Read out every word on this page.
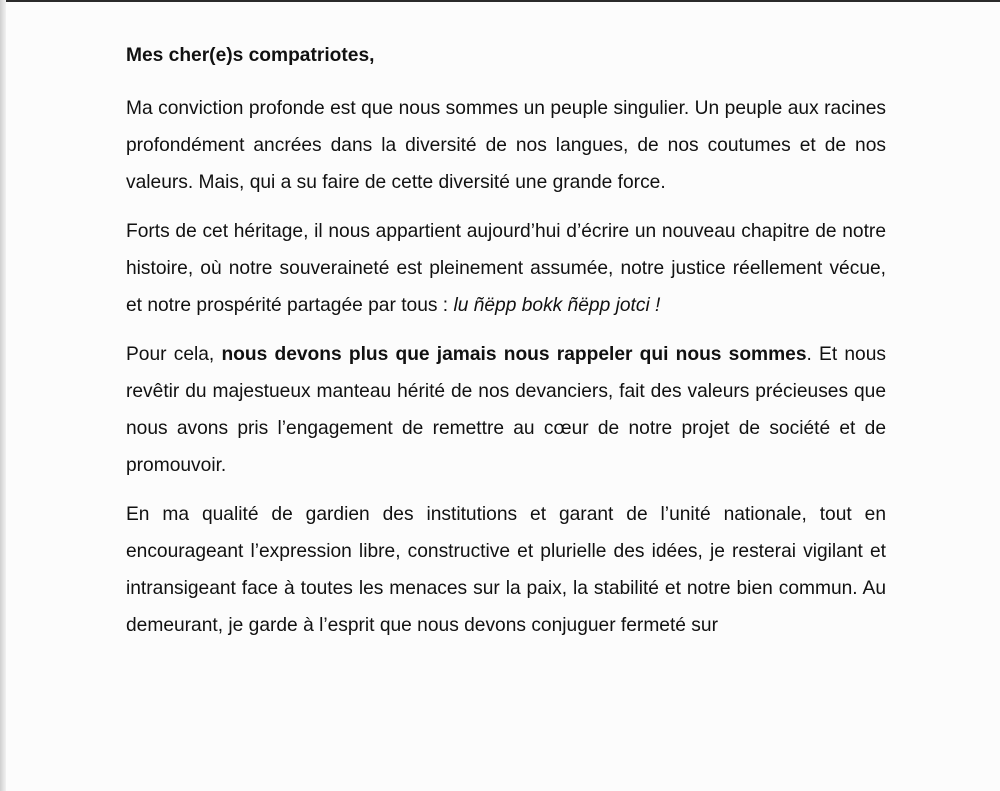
Mes cher(e)s compatriotes,

Ma conviction profonde est que nous sommes un peuple singulier. Un peuple aux racines profondément ancrées dans la diversité de nos langues, de nos coutumes et de nos valeurs. Mais, qui a su faire de cette diversité une grande force.

Forts de cet héritage, il nous appartient aujourd’hui d’écrire un nouveau chapitre de notre histoire, où notre souveraineté est pleinement assumée, notre justice réellement vécue, et notre prospérité partagée par tous : lu ñëpp bokk ñëpp jotci !

Pour cela, nous devons plus que jamais nous rappeler qui nous sommes. Et nous revêtir du majestueux manteau hérité de nos devanciers, fait des valeurs précieuses que nous avons pris l’engagement de remettre au cœur de notre projet de société et de promouvoir.

En ma qualité de gardien des institutions et garant de l’unité nationale, tout en encourageant l’expression libre, constructive et plurielle des idées, je resterai vigilant et intransigeant face à toutes les menaces sur la paix, la stabilité et notre bien commun. Au demeurant, je garde à l’esprit que nous devons conjuguer fermeté sur
